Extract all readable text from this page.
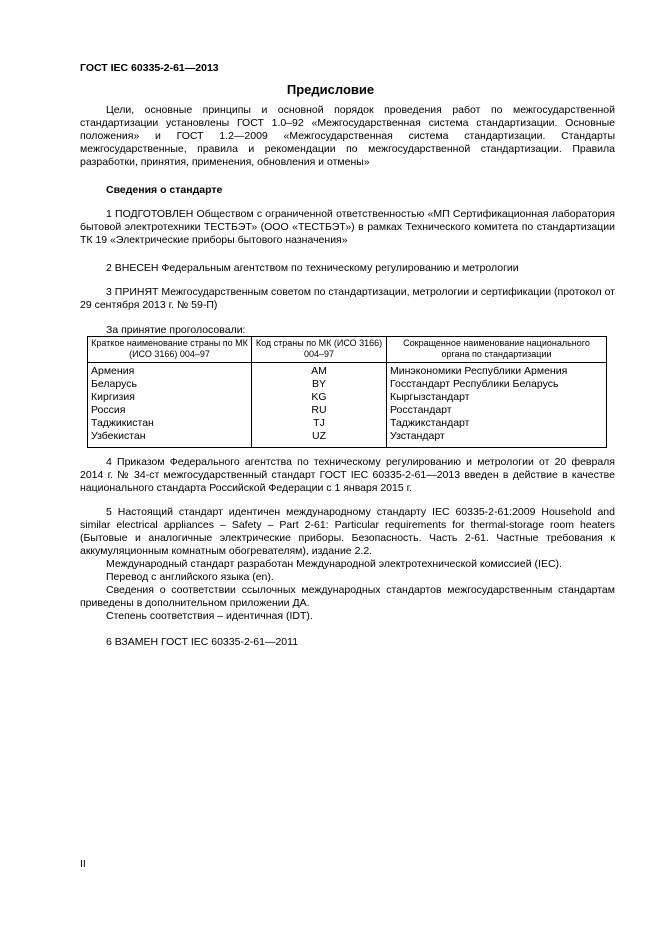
ГОСТ IEC 60335-2-61—2013
Предисловие
Цели, основные принципы и основной порядок проведения работ по межгосударственной стандартизации установлены ГОСТ 1.0–92 «Межгосударственная система стандартизации. Основные положения» и ГОСТ 1.2—2009 «Межгосударственная система стандартизации. Стандарты межгосударственные, правила и рекомендации по межгосударственной стандартизации. Правила разработки, принятия, применения, обновления и отмены»
Сведения о стандарте
1 ПОДГОТОВЛЕН Обществом с ограниченной ответственностью «МП Сертификационная лаборатория бытовой электротехники ТЕСТБЭТ» (ООО «ТЕСТБЭТ») в рамках Технического комитета по стандартизации ТК 19 «Электрические приборы бытового назначения»
2 ВНЕСЕН Федеральным агентством по техническому регулированию и метрологии
3 ПРИНЯТ Межгосударственным советом по стандартизации, метрологии и сертификации (протокол от 29 сентября 2013 г. № 59-П)
За принятие проголосовали:
Краткое наименование страны по МК (ИСО 3166) 004–97	Код страны по МК (ИСО 3166) 004–97	Сокращенное наименование национального органа по стандартизации
Армения	AM	Минэкономики Республики Армения
Беларусь	BY	Госстандарт Республики Беларусь
Киргизия	KG	Кыргызстандарт
Россия	RU	Росстандарт
Таджикистан	TJ	Таджикстандарт
Узбекистан	UZ	Узстандарт
4 Приказом Федерального агентства по техническому регулированию и метрологии от 20 февраля 2014 г. № 34-ст межгосударственный стандарт ГОСТ IEC 60335-2-61—2013 введен в действие в качестве национального стандарта Российской Федерации с 1 января 2015 г.
5 Настоящий стандарт идентичен международному стандарту IEC 60335-2-61:2009 Household and similar electrical appliances – Safety – Part 2-61: Particular requirements for thermal-storage room heaters (Бытовые и аналогичные электрические приборы. Безопасность. Часть 2-61. Частные требования к аккумуляционным комнатным обогревателям), издание 2.2.
Международный стандарт разработан Международной электротехнической комиссией (IEC).
Перевод с английского языка (en).
Сведения о соответствии ссылочных международных стандартов межгосударственным стандартам приведены в дополнительном приложении ДА.
Степень соответствия – идентичная (IDT).
6 ВЗАМЕН ГОСТ IEC 60335-2-61—2011
II
